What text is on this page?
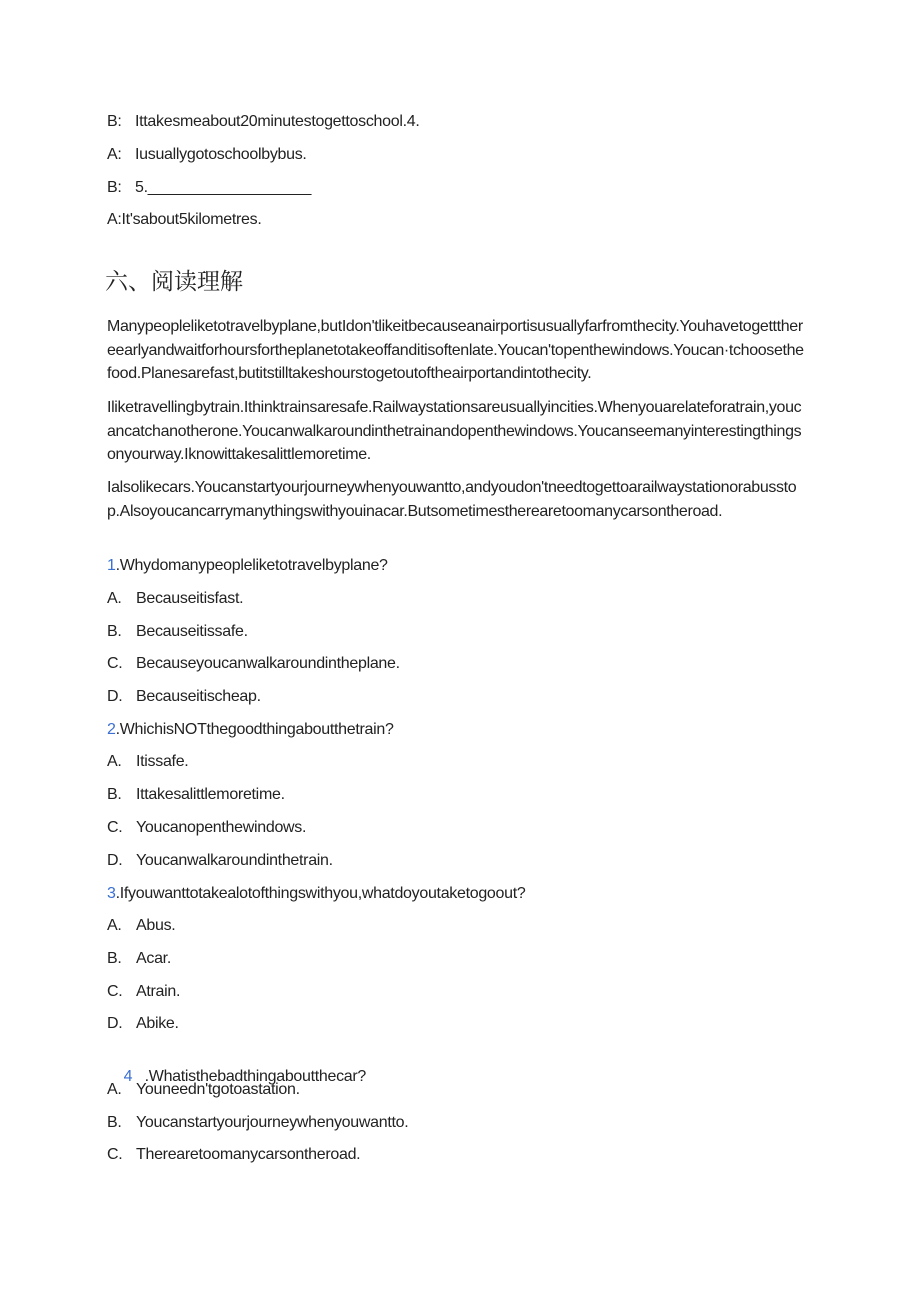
B: Ittakesmeabout20minutestogettoschool.4.
A: Iusuallygotoschoolbybus.
B: 5.___________________
A:It'sabout5kilometres.
六、阅读理解
Manypeopleliketotravelbyplane,butIdon'tlikeitbecauseanairportisusuallyfarfromthecity.Youhavetogettthereearlyandwaitforhoursfortheplanetotakeoffanditisoftenlate.Youcan'topenthewindows.Youcan·tchoosethefood.Planesarefast,butitstilltakeshourstogetoutoftheairportandintothecity.
Iliketravellingbytrain.Ithinktrainsaresafe.Railwaystationsareusuallyincities.Whenyouarelateforatrain,youcancatchanotherone.Youcanwalkaroundinthetrainandopenthewindows.Youcanseemanyinterestingthingsonyourway.Iknowittakesalittlemoretime.
Ialsolikecars.Youcanstartyourjourneywhenyouwantto,andyoudon'tneedtogettoarailwaystationorabusstop.Alsoyoucancarrymanythingswithyouinacar.Butsometimestherearetoomanycarsontheroad.
1.Whydomanypeopleliketotravelbyplane?
A. Becauseitisfast.
B. Becauseitissafe.
C. Becauseyoucanwalkaroundintheplane.
D. Becauseitischeap.
2.WhichisNOTthegoodthingaboutthetrain?
A. Itissafe.
B. Ittakesalittlemoretime.
C. Youcanopenthewindows.
D. Youcanwalkaroundinthetrain.
3.Ifyouwanttotakealotofthingswithyou,whatdoyoutaketogoout?
A. Abus.
B. Acar.
C. Atrain.
D. Abike.

4   .Whatisthebadthingaboutthecar?

A. Youneedn'tgotoastation.
B. Youcanstartyourjourneywhenyouwantto.
C. Therearetoomanycarsontheroad.
